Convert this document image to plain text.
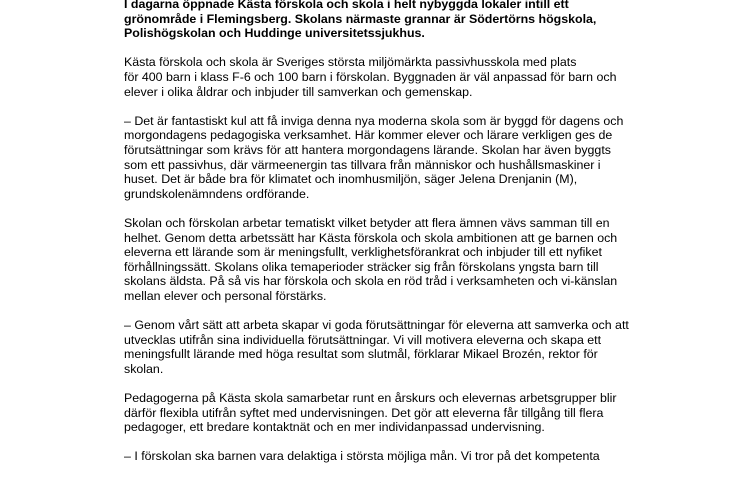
I dagarna öppnade Kästa förskola och skola i helt nybyggda lokaler intill ett
grönområde i Flemingsberg. Skolans närmaste grannar är Södertörns högskola,
Polishögskolan och Huddinge universitetssjukhus.
Kästa förskola och skola är Sveriges största miljömärkta passivhusskola med plats
för 400 barn i klass F-6 och 100 barn i förskolan. Byggnaden är väl anpassad för barn och
elever i olika åldrar och inbjuder till samverkan och gemenskap.
– Det är fantastiskt kul att få inviga denna nya moderna skola som är byggd för dagens och
morgondagens pedagogiska verksamhet. Här kommer elever och lärare verkligen ges de
förutsättningar som krävs för att hantera morgondagens lärande. Skolan har även byggts
som ett passivhus, där värmeenergin tas tillvara från människor och hushållsmaskiner i
huset. Det är både bra för klimatet och inomhusmiljön, säger Jelena Drenjanin (M),
grundskolenämndens ordförande.
Skolan och förskolan arbetar tematiskt vilket betyder att flera ämnen vävs samman till en
helhet. Genom detta arbetssätt har Kästa förskola och skola ambitionen att ge barnen och
eleverna ett lärande som är meningsfullt, verklighetsförankrat och inbjuder till ett nyfiket
förhållningssätt. Skolans olika temaperioder sträcker sig från förskolans yngsta barn till
skolans äldsta. På så vis har förskola och skola en röd tråd i verksamheten och vi-känslan
mellan elever och personal förstärks.
– Genom vårt sätt att arbeta skapar vi goda förutsättningar för eleverna att samverka och att
utvecklas utifrån sina individuella förutsättningar. Vi vill motivera eleverna och skapa ett
meningsfullt lärande med höga resultat som slutmål, förklarar Mikael Brozén, rektor för
skolan.
Pedagogerna på Kästa skola samarbetar runt en årskurs och elevernas arbetsgrupper blir
därför flexibla utifrån syftet med undervisningen. Det gör att eleverna får tillgång till flera
pedagoger, ett bredare kontaktnät och en mer individanpassad undervisning.
– I förskolan ska barnen vara delaktiga i största möjliga mån. Vi tror på det kompetenta
